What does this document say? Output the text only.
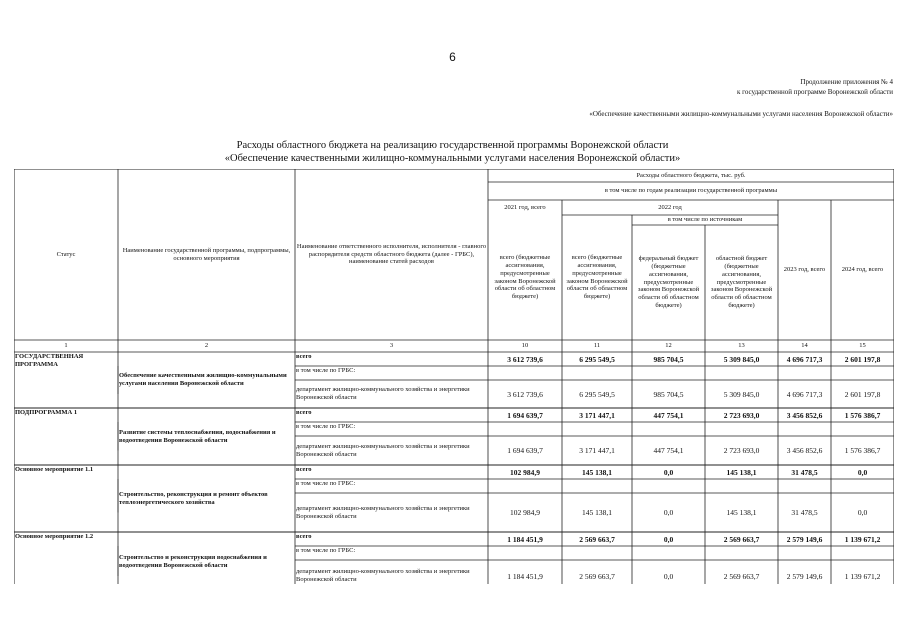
6
Продолжение приложения № 4
к государственной программе Воронежской области
«Обеспечение качественными жилищно-коммунальными услугами населения Воронежской области»
Расходы областного бюджета на реализацию государственной программы Воронежской области
«Обеспечение качественными жилищно-коммунальными услугами населения Воронежской области»
Статус
Наименование государственной программы, подпрограммы, основного мероприятия
Наименование ответственного исполнителя, исполнителя - главного распорядителя средств областного бюджета (далее - ГРБС), наименование статей расходов
Расходы областного бюджета, тыс. руб.
в том числе по годам реализации государственной программы
2021 год, всего	2022 год
в том числе по источникам
всего (бюджетные ассигнования, предусмотренные законом Воронежской области об областном бюджете)
всего (бюджетные ассигнования, предусмотренные законом Воронежской области об областном бюджете)
федеральный бюджет (бюджетные ассигнования, предусмотренные законом Воронежской области об областном бюджете)
областной бюджет (бюджетные ассигнования, предусмотренные законом Воронежской области об областном бюджете)
2023 год, всего	2024 год, всего
1	2	3	10	11	12	13	14	15
ГОСУДАРСТВЕННАЯ ПРОГРАММА
Обеспечение качественными жилищно-коммунальными услугами населения Воронежской области
всего	3 612 739,6	6 295 549,5	985 704,5	5 309 845,0	4 696 717,3	2 601 197,8
в том числе по ГРБС:
департамент жилищно-коммунального хозяйства и энергетики Воронежской области	3 612 739,6	6 295 549,5	985 704,5	5 309 845,0	4 696 717,3	2 601 197,8
ПОДПРОГРАММА 1
Развитие системы теплоснабжения, водоснабжения и водоотведения Воронежской области
всего	1 694 639,7	3 171 447,1	447 754,1	2 723 693,0	3 456 852,6	1 576 386,7
в том числе по ГРБС:
департамент жилищно-коммунального хозяйства и энергетики Воронежской области	1 694 639,7	3 171 447,1	447 754,1	2 723 693,0	3 456 852,6	1 576 386,7
Основное мероприятие 1.1
Строительство, реконструкция и ремонт объектов теплоэнергетического хозяйства
всего	102 984,9	145 138,1	0,0	145 138,1	31 478,5	0,0
в том числе по ГРБС:
департамент жилищно-коммунального хозяйства и энергетики Воронежской области	102 984,9	145 138,1	0,0	145 138,1	31 478,5	0,0
Основное мероприятие 1.2
Строительство и реконструкция водоснабжения и водоотведения Воронежской области
всего	1 184 451,9	2 569 663,7	0,0	2 569 663,7	2 579 149,6	1 139 671,2
в том числе по ГРБС:
департамент жилищно-коммунального хозяйства и энергетики Воронежской области	1 184 451,9	2 569 663,7	0,0	2 569 663,7	2 579 149,6	1 139 671,2
